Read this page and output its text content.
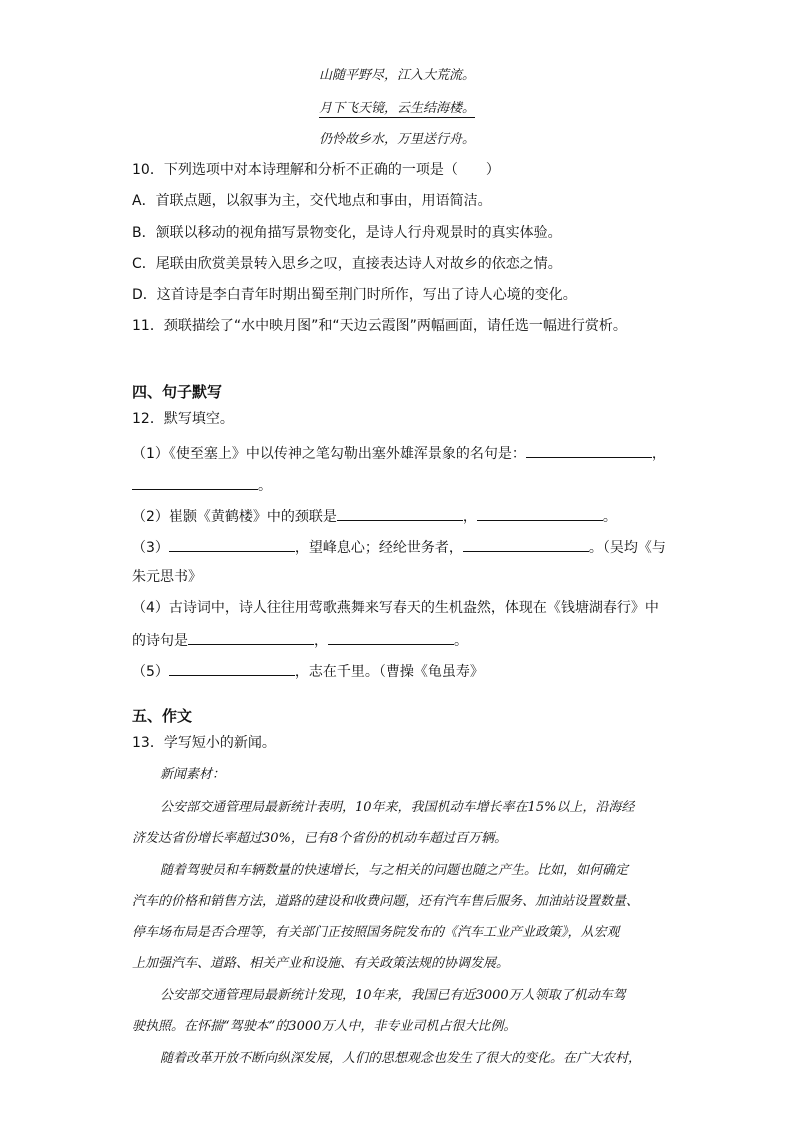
山随平野尽，江入大荒流。
月下飞天镜，云生结海楼。
仍怜故乡水，万里送行舟。
10．下列选项中对本诗理解和分析不正确的一项是（　　）
A．首联点题，以叙事为主，交代地点和事由，用语简洁。
B．颔联以移动的视角描写景物变化，是诗人行舟观景时的真实体验。
C．尾联由欣赏美景转入思乡之叹，直接表达诗人对故乡的依恋之情。
D．这首诗是李白青年时期出蜀至荆门时所作，写出了诗人心境的变化。
11．颈联描绘了“水中映月图”和“天边云霞图”两幅画面，请任选一幅进行赏析。
四、句子默写
12．默写填空。
（1）《使至塞上》中以传神之笔勾勒出塞外雄浑景象的名句是：	，
。
（2）崔颢《黄鹤楼》中的颈联是	，	。
（3）	，望峰息心；经纶世务者，	。（吴均《与
朱元思书》
（4）古诗词中，诗人往往用莺歌燕舞来写春天的生机盎然，体现在《钱塘湖春行》中
的诗句是	，	。
（5）	，志在千里。（曹操《龟虽寿》
五、作文
13．学写短小的新闻。
新闻素材：
公安部交通管理局最新统计表明，10年来，我国机动车增长率在15%以上，沿海经
济发达省份增长率超过30%，已有8个省份的机动车超过百万辆。
随着驾驶员和车辆数量的快速增长，与之相关的问题也随之产生。比如，如何确定
汽车的价格和销售方法，道路的建设和收费问题，还有汽车售后服务、加油站设置数量、
停车场布局是否合理等，有关部门正按照国务院发布的《汽车工业产业政策》，从宏观
上加强汽车、道路、相关产业和设施、有关政策法规的协调发展。
公安部交通管理局最新统计发现，10年来，我国已有近3000万人领取了机动车驾
驶执照。在怀揣“驾驶本”的3000万人中，非专业司机占很大比例。
随着改革开放不断向纵深发展，人们的思想观念也发生了很大的变化。在广大农村，
